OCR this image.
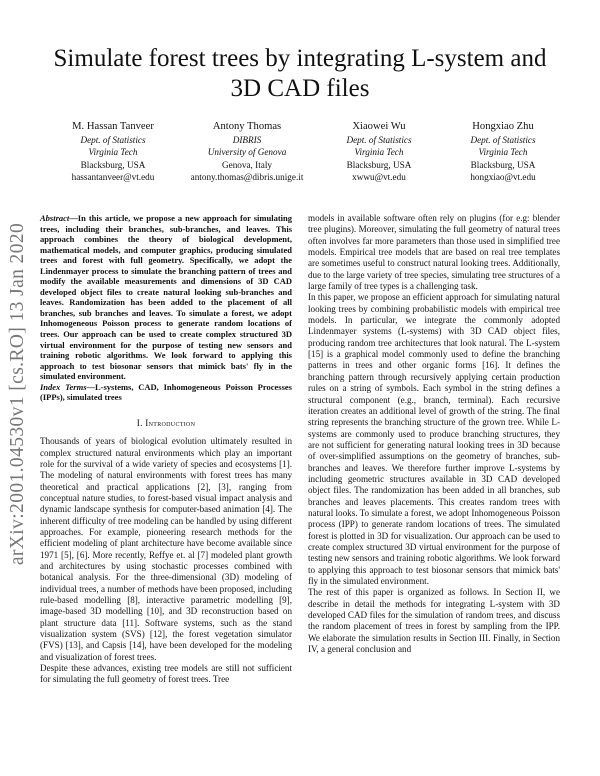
Simulate forest trees by integrating L-system and 3D CAD files
M. Hassan Tanveer
Dept. of Statistics
Virginia Tech
Blacksburg, USA
hassantanveer@vt.edu
Antony Thomas
DIBRIS
University of Genova
Genova, Italy
antony.thomas@dibris.unige.it
Xiaowei Wu
Dept. of Statistics
Virginia Tech
Blacksburg, USA
xwwu@vt.edu
Hongxiao Zhu
Dept. of Statistics
Virginia Tech
Blacksburg, USA
hongxiao@vt.edu
arXiv:2001.04530v1 [cs.RO] 13 Jan 2020

Abstract—In this article, we propose a new approach for simulating trees, including their branches, sub-branches, and leaves. This approach combines the theory of biological development, mathematical models, and computer graphics, producing simulated trees and forest with full geometry. Specifically, we adopt the Lindenmayer process to simulate the branching pattern of trees and modify the available measurements and dimensions of 3D CAD developed object files to create natural looking sub-branches and leaves. Randomization has been added to the placement of all branches, sub branches and leaves. To simulate a forest, we adopt Inhomogeneous Poisson process to generate random locations of trees. Our approach can be used to create complex structured 3D virtual environment for the purpose of testing new sensors and training robotic algorithms. We look forward to applying this approach to test biosonar sensors that mimick bats' fly in the simulated environment.

Index Terms—L-systems, CAD, Inhomogeneous Poisson Processes (IPPs), simulated trees

I. Introduction

Thousands of years of biological evolution ultimately resulted in complex structured natural environments which play an important role for the survival of a wide variety of species and ecosystems [1]. The modeling of natural environments with forest trees has many theoretical and practical applications [2], [3], ranging from conceptual nature studies, to forest-based visual impact analysis and dynamic landscape synthesis for computer-based animation [4]. The inherent difficulty of tree modeling can be handled by using different approaches. For example, pioneering research methods for the efficient modeling of plant architecture have become available since 1971 [5], [6]. More recently, Reffye et. al [7] modeled plant growth and architectures by using stochastic processes combined with botanical analysis. For the three-dimensional (3D) modeling of individual trees, a number of methods have been proposed, including rule-based modelling [8], interactive parametric modelling [9], image-based 3D modelling [10], and 3D reconstruction based on plant structure data [11]. Software systems, such as the stand visualization system (SVS) [12], the forest vegetation simulator (FVS) [13], and Capsis [14], have been developed for the modeling and visualization of forest trees.

Despite these advances, existing tree models are still not sufficient for simulating the full geometry of forest trees. Tree

models in available software often rely on plugins (for e.g: blender tree plugins). Moreover, simulating the full geometry of natural trees often involves far more parameters than those used in simplified tree models. Empirical tree models that are based on real tree templates are sometimes useful to construct natural looking trees. Additionally, due to the large variety of tree species, simulating tree structures of a large family of tree types is a challenging task.

In this paper, we propose an efficient approach for simulating natural looking trees by combining probabilistic models with empirical tree models. In particular, we integrate the commonly adopted Lindenmayer systems (L-systems) with 3D CAD object files, producing random tree architectures that look natural. The L-system [15] is a graphical model commonly used to define the branching patterns in trees and other organic forms [16]. It defines the branching pattern through recursively applying certain production rules on a string of symbols. Each symbol in the string defines a structural component (e.g., branch, terminal). Each recursive iteration creates an additional level of growth of the string. The final string represents the branching structure of the grown tree. While L-systems are commonly used to produce branching structures, they are not sufficient for generating natural looking trees in 3D because of over-simplified assumptions on the geometry of branches, sub-branches and leaves. We therefore further improve L-systems by including geometric structures available in 3D CAD developed object files. The randomization has been added in all branches, sub branches and leaves placements. This creates random trees with natural looks. To simulate a forest, we adopt Inhomogeneous Poisson process (IPP) to generate random locations of trees. The simulated forest is plotted in 3D for visualization. Our approach can be used to create complex structured 3D virtual environment for the purpose of testing new sensors and training robotic algorithms. We look forward to applying this approach to test biosonar sensors that mimick bats' fly in the simulated environment.

The rest of this paper is organized as follows. In Section II, we describe in detail the methods for integrating L-system with 3D developed CAD files for the simulation of random trees, and discuss the random placement of trees in forest by sampling from the IPP. We elaborate the simulation results in Section III. Finally, in Section IV, a general conclusion and
